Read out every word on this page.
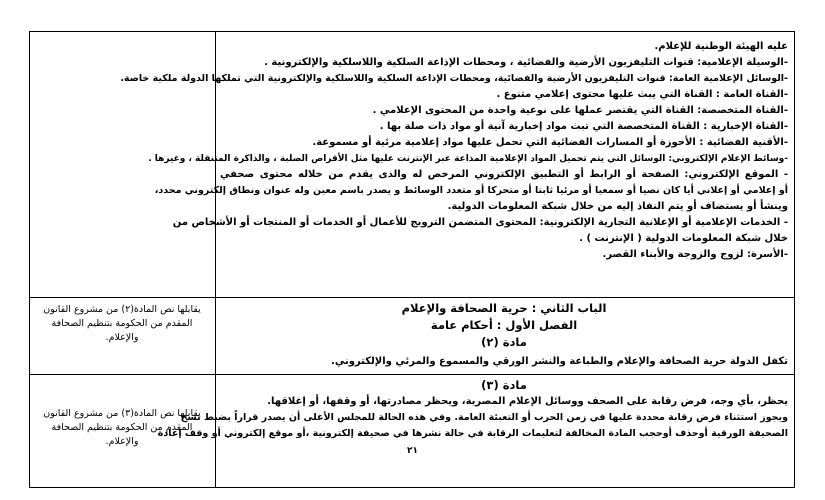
عليه الهيئة الوطنية للإعلام.
-الوسيلة الإعلامية: قنوات التليفزيون الأرضية والفضائية ، ومحطات الإذاعة السلكية واللاسلكية والإلكترونية .
-الوسائل الإعلامية العامة: قنوات التليفزيون الأرضية والفضائية، ومحطات الإذاعة السلكية واللاسلكية والإلكترونية التي تملكها الدولة ملكية خاصة.
-القناة العامة : القناة التي يبث عليها محتوى إعلامي متنوع .
-القناة المتخصصة: القناة التي يقتصر عملها على نوعية واحدة من المحتوى الإعلامي .
-القناة الإخبارية : القناة المتخصصة التي تبث مواد إخبارية آنية أو مواد ذات صلة بها .
-الأقنية الفضائية : الأحوزة أو المسارات الفضائية التي تحمل عليها مواد إعلامية مرئية أو مسموعة.
-وسائط الإعلام الإلكتروني: الوسائل التي يتم تحميل المواد الإعلامية المذاعة عبر الإنترنت عليها مثل الأقراص الصلبة ، والذاكرة المتنقلة ، وغيرها .
- الموقع الإلكتروني: الصفحة أو الرابط أو التطبيق الإلكتروني المرخص له والذى يقدم من خلاله محتوى صحفي
أو إعلامي أو إعلاني أيا كان نصيا أو سمعيا أو مرئيا ثابتا أو متحركا أو متعدد الوسائط و يصدر باسم معين وله عنوان ونطاق إلكتروني محدد،
وينشأ أو يستضاف أو يتم النفاذ إليه من خلال شبكة المعلومات الدولية.
- الخدمات الإعلامية أو الإعلانية التجارية الإلكترونية: المحتوى المتضمن الترويج للأعمال أو الخدمات أو المنتجات أو الأشخاص من
خلال شبكة المعلومات الدولية ( الإنترنت ) .
-الأسرة: لزوج والزوجة والأبناء القصر.
يقابلها نص المادة(٢) من مشروع القانون المقدم من الحكومة بتنظيم الصحافة والإعلام.
الباب الثاني : حرية الصحافة والإعلام
الفصل الأول : أحكام عامة
مادة (٢)
تكفل الدولة حرية الصحافة والإعلام والطباعة والنشر الورقي والمسموع والمرئي والإلكتروني.
يقابلها نص المادة(٣) من مشروع القانون المقدم من الحكومة بتنظيم الصحافة والإعلام.
مادة (٣)
يحظر، بأي وجه، فرض رقابة على الصحف ووسائل الإعلام المصرية، ويحظر مصادرتها، أو وقفها، أو إغلاقها.
ويجوز استثناء فرض رقابة محددة عليها في زمن الحرب أو التعبئة العامة. وفي هذه الحالة للمجلس الأعلى أن يصدر قراراً بضبط نسخ
الصحيفة الورقية أوحذف أوحجب المادة المخالفة لتعليمات الرقابة في حالة نشرها في صحيفة إلكترونية ،أو موقع إلكتروني أو وقف إعادة
٢١
